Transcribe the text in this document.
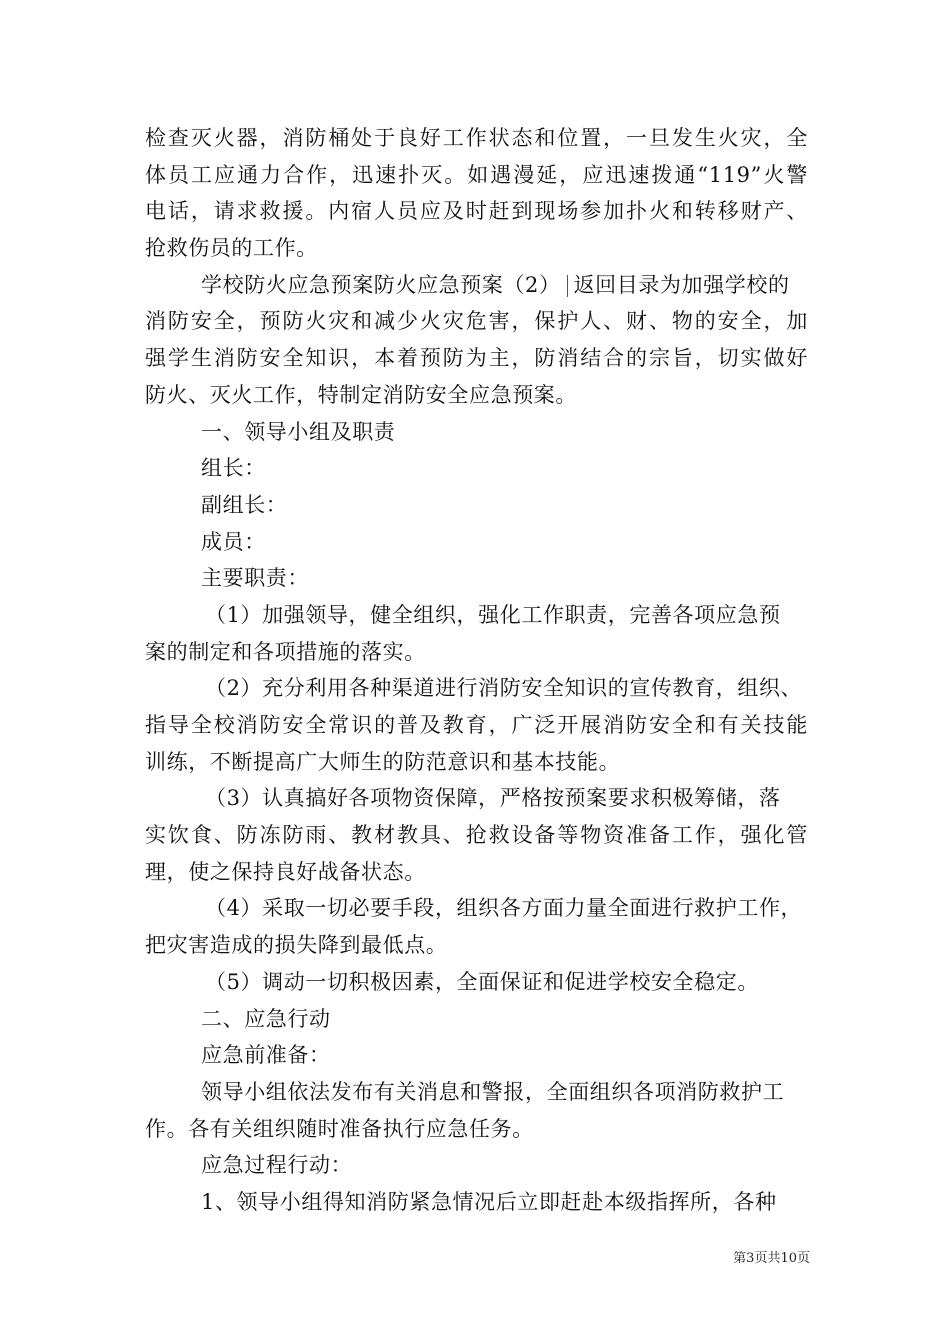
检查灭火器，消防桶处于良好工作状态和位置，一旦发生火灾，全
体员工应通力合作，迅速扑灭。如遇漫延，应迅速拨通“119”火警
电话，请求救援。内宿人员应及时赶到现场参加扑火和转移财产、
抢救伤员的工作。
学校防火应急预案防火应急预案（2） 返回目录为加强学校的
消防安全，预防火灾和减少火灾危害，保护人、财、物的安全，加
强学生消防安全知识，本着预防为主，防消结合的宗旨，切实做好
防火、灭火工作，特制定消防安全应急预案。
一、领导小组及职责
组长：
副组长：
成员：
主要职责：
（1）加强领导，健全组织，强化工作职责，完善各项应急预
案的制定和各项措施的落实。
（2）充分利用各种渠道进行消防安全知识的宣传教育，组织、
指导全校消防安全常识的普及教育，广泛开展消防安全和有关技能
训练，不断提高广大师生的防范意识和基本技能。
（3）认真搞好各项物资保障，严格按预案要求积极筹储，落
实饮食、防冻防雨、教材教具、抢救设备等物资准备工作，强化管
理，使之保持良好战备状态。
（4）采取一切必要手段，组织各方面力量全面进行救护工作，
把灾害造成的损失降到最低点。
（5）调动一切积极因素，全面保证和促进学校安全稳定。
二、应急行动
应急前准备：
领导小组依法发布有关消息和警报，全面组织各项消防救护工
作。各有关组织随时准备执行应急任务。
应急过程行动：
1、领导小组得知消防紧急情况后立即赶赴本级指挥所，各种
第3页共10页
